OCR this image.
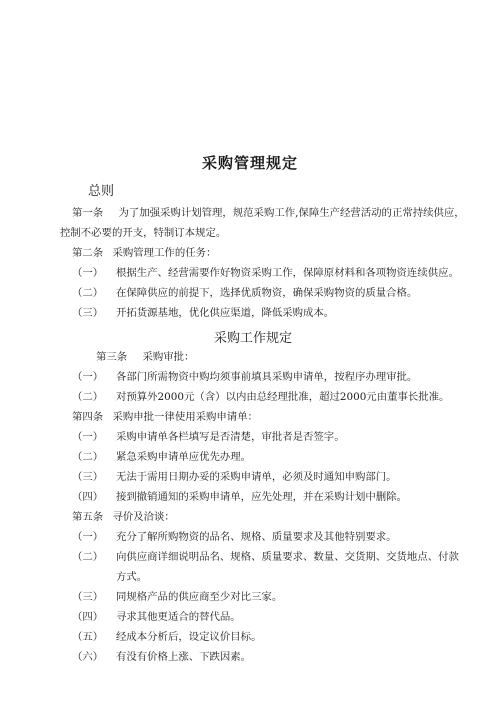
采购管理规定
总则
第一条 为了加强采购计划管理，规范采购工作,保障生产经营活动的正常持续供应，
控制不必要的开支，特制订本规定。
第二条 采购管理工作的任务：
（一） 根据生产、经营需要作好物资采购工作，保障原材料和各项物资连续供应。
（二） 在保障供应的前提下，选择优质物资，确保采购物资的质量合格。
（三） 开拓货源基地，优化供应渠道，降低采购成本。
采购工作规定
第三条 采购审批：
（一） 各部门所需物资中购均须事前填具采购申请单，按程序办理审批。
（二） 对预算外2000元（含）以内由总经理批准，超过2000元由董事长批准。
第四条 采购申批一律使用采购申请单：
（一） 采购申请单各栏填写是否清楚，审批者是否签字。
（二） 紧急采购申请单应优先办理。
（三） 无法于需用日期办妥的采购申请单，必须及时通知申购部门。
（四） 接到撤销通知的采购申请单，应先处理，并在采购计划中删除。
第五条 寻价及洽谈：
（一） 充分了解所购物资的品名、规格、质量要求及其他特别要求。
（二） 向供应商详细说明品名、规格、质量要求、数量、交货期、交货地点、付款
方式。
（三） 同规格产品的供应商至少对比三家。
（四） 寻求其他更适合的替代品。
（五） 经成本分析后，设定议价目标。
（六） 有没有价格上涨、下跌因素。
